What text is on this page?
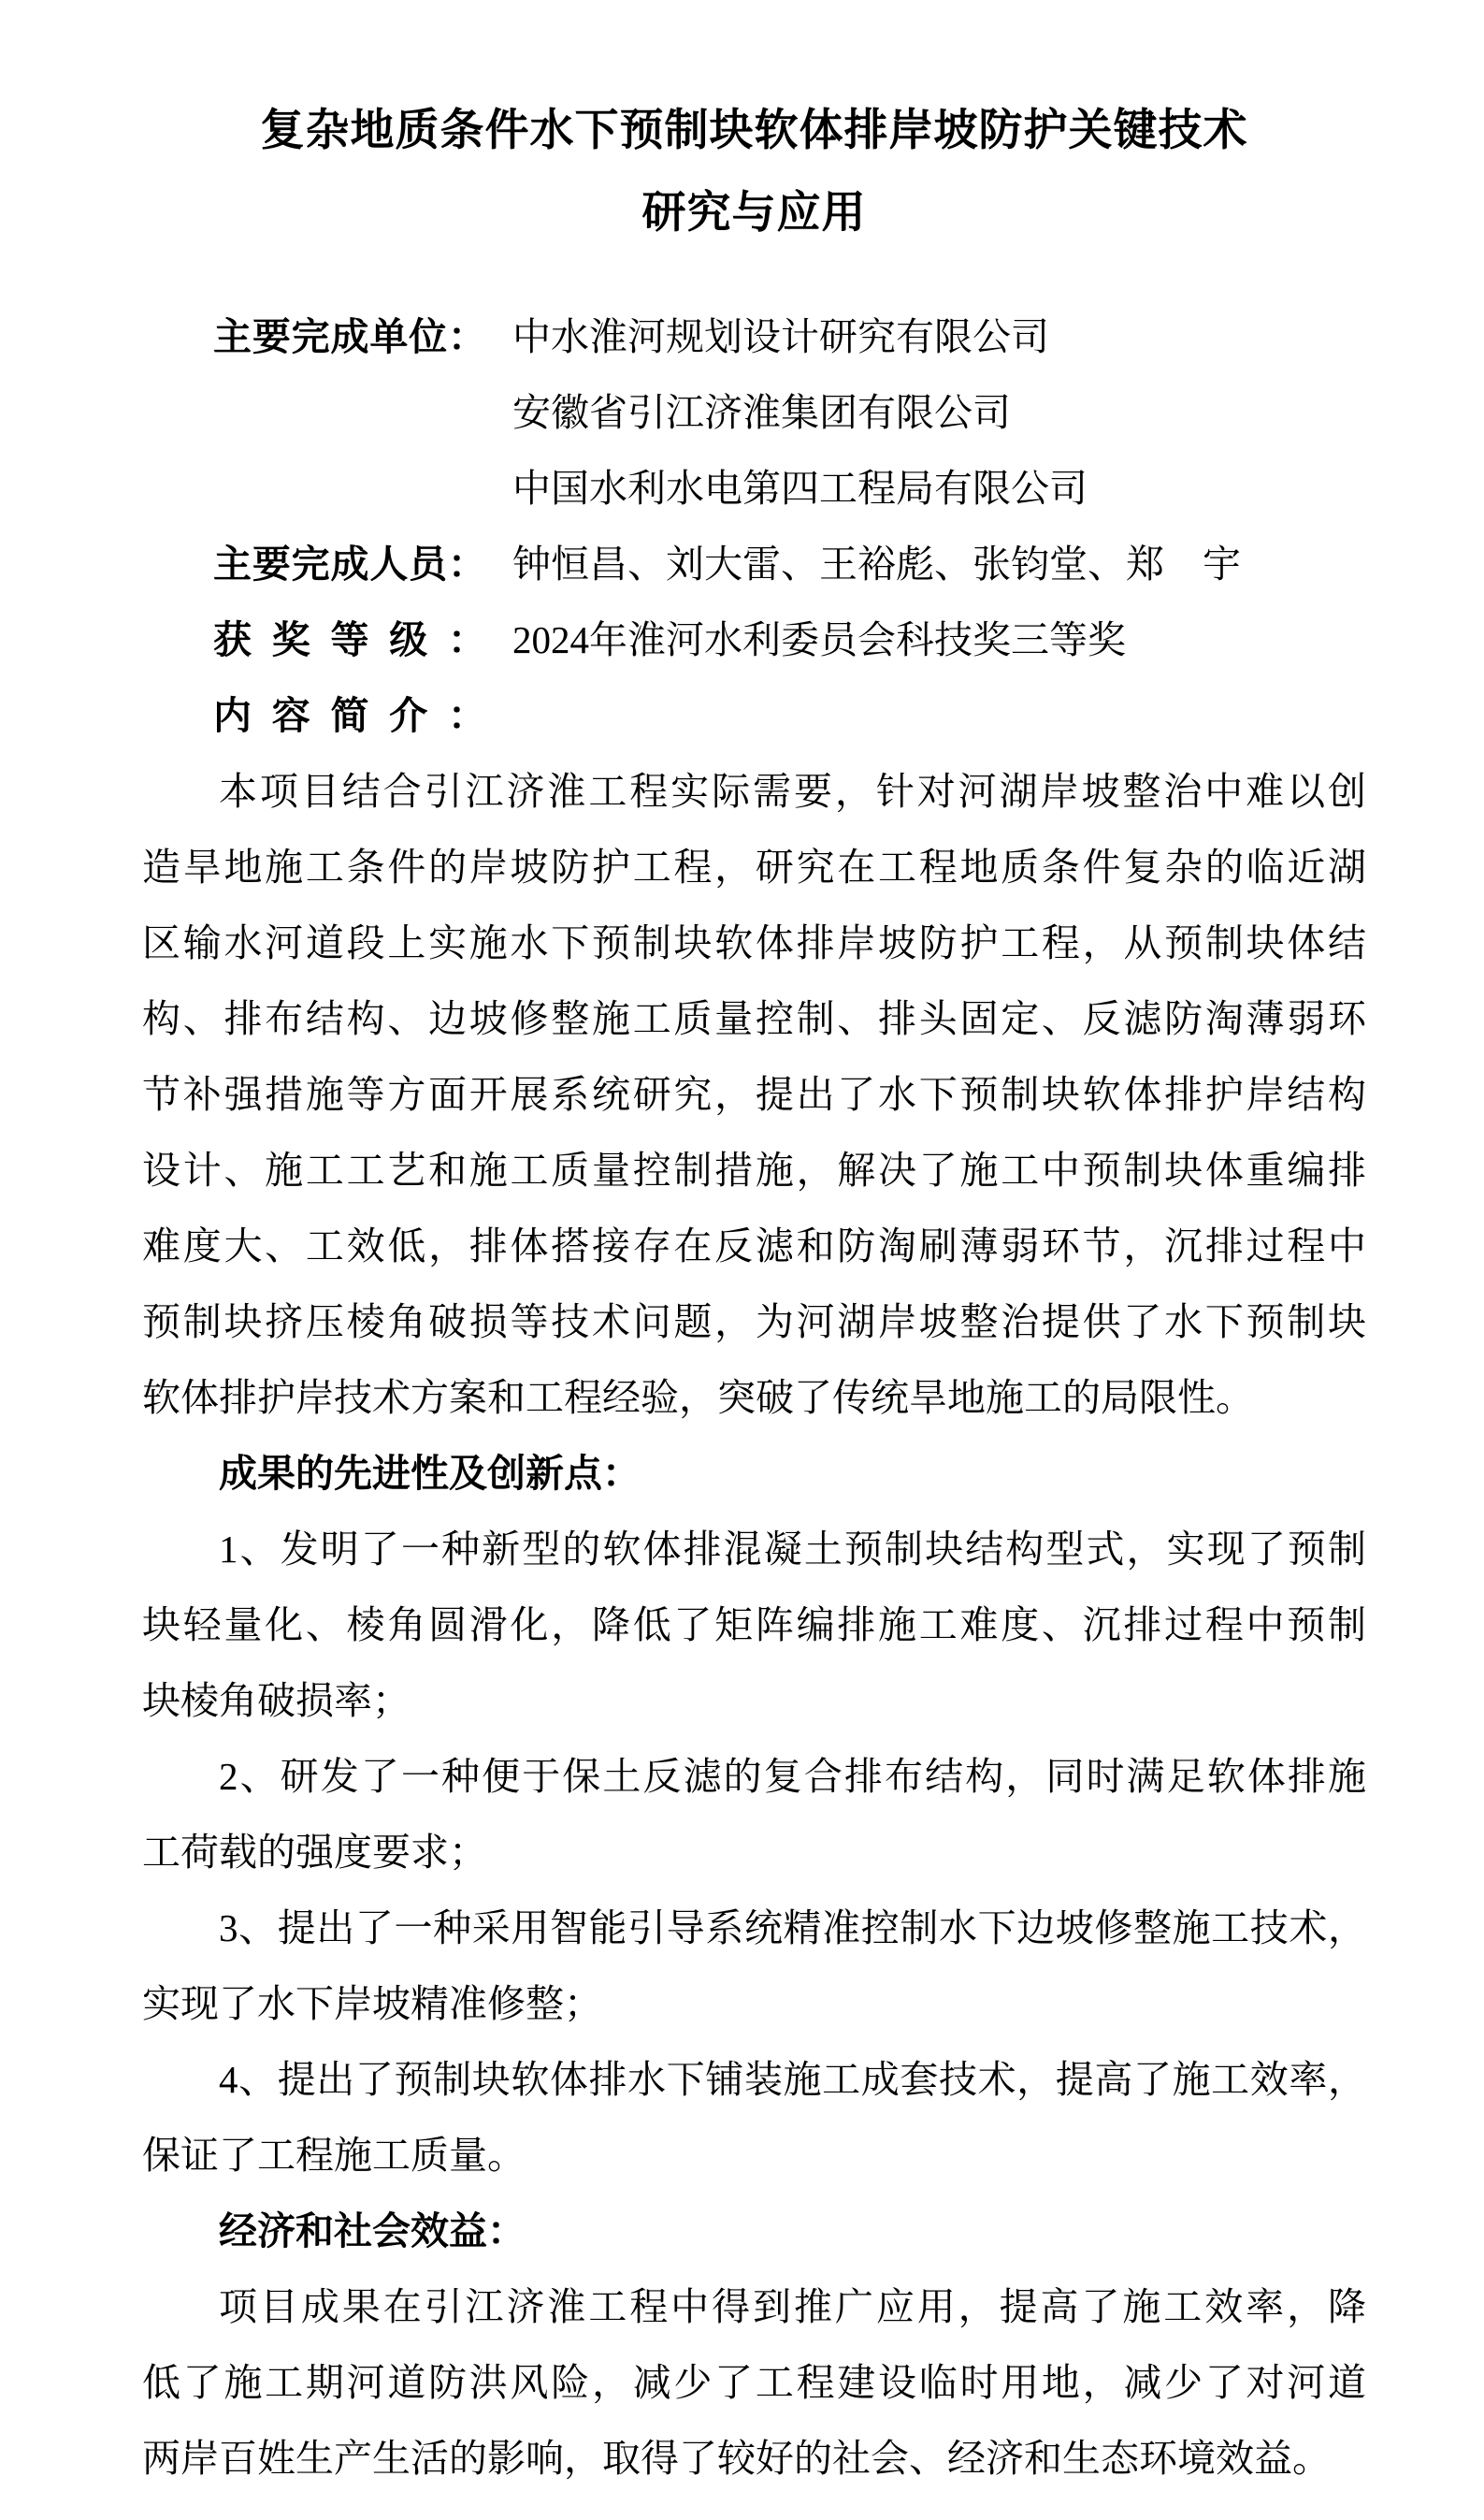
复杂地质条件水下预制块软体排岸坡防护关键技术
研究与应用
主要完成单位： 中水淮河规划设计研究有限公司
安徽省引江济淮集团有限公司
中国水利水电第四工程局有限公司
主要完成人员： 钟恒昌、刘大雷、王裕彪、张钧堂、郑　宇
获奖等级： 2024年淮河水利委员会科技奖三等奖
内容简介：
本项目结合引江济淮工程实际需要，针对河湖岸坡整治中难以创
造旱地施工条件的岸坡防护工程，研究在工程地质条件复杂的临近湖
区输水河道段上实施水下预制块软体排岸坡防护工程，从预制块体结
构、排布结构、边坡修整施工质量控制、排头固定、反滤防淘薄弱环
节补强措施等方面开展系统研究，提出了水下预制块软体排护岸结构
设计、施工工艺和施工质量控制措施，解决了施工中预制块体重编排
难度大、工效低，排体搭接存在反滤和防淘刷薄弱环节，沉排过程中
预制块挤压棱角破损等技术问题，为河湖岸坡整治提供了水下预制块
软体排护岸技术方案和工程经验，突破了传统旱地施工的局限性。
成果的先进性及创新点：
1、发明了一种新型的软体排混凝土预制块结构型式，实现了预制
块轻量化、棱角圆滑化，降低了矩阵编排施工难度、沉排过程中预制
块棱角破损率；
2、研发了一种便于保土反滤的复合排布结构，同时满足软体排施
工荷载的强度要求；
3、提出了一种采用智能引导系统精准控制水下边坡修整施工技术，
实现了水下岸坡精准修整；
4、提出了预制块软体排水下铺装施工成套技术，提高了施工效率，
保证了工程施工质量。
经济和社会效益：
项目成果在引江济淮工程中得到推广应用，提高了施工效率，降
低了施工期河道防洪风险，减少了工程建设临时用地，减少了对河道
两岸百姓生产生活的影响，取得了较好的社会、经济和生态环境效益。
